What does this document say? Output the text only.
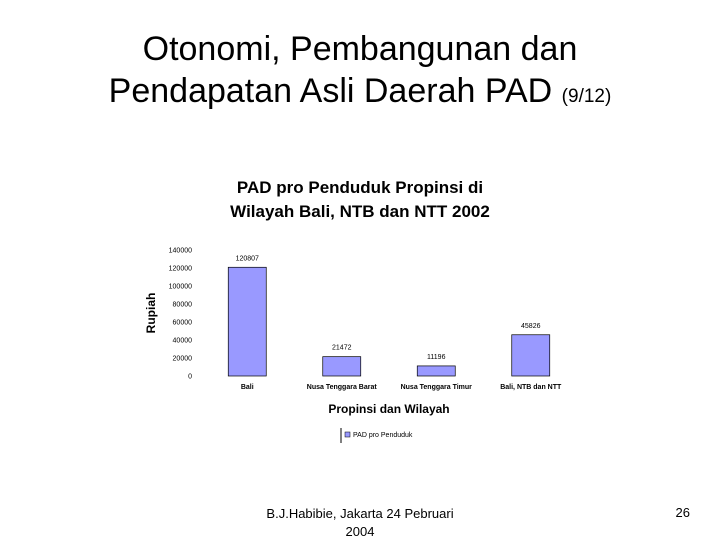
Otonomi, Pembangunan dan
Pendapatan Asli Daerah PAD (9/12)
PAD pro Penduduk Propinsi di
Wilayah Bali, NTB dan NTT 2002
0
20000
40000
60000
80000
100000
120000
140000
120807
21472
11196
45826
Bali	Nusa Tenggara Barat	Nusa Tenggara Timur	Bali, NTB dan NTT
Rupiah
Propinsi dan Wilayah
PAD pro Penduduk
B.J.Habibie, Jakarta 24 Pebruari
2004
26
